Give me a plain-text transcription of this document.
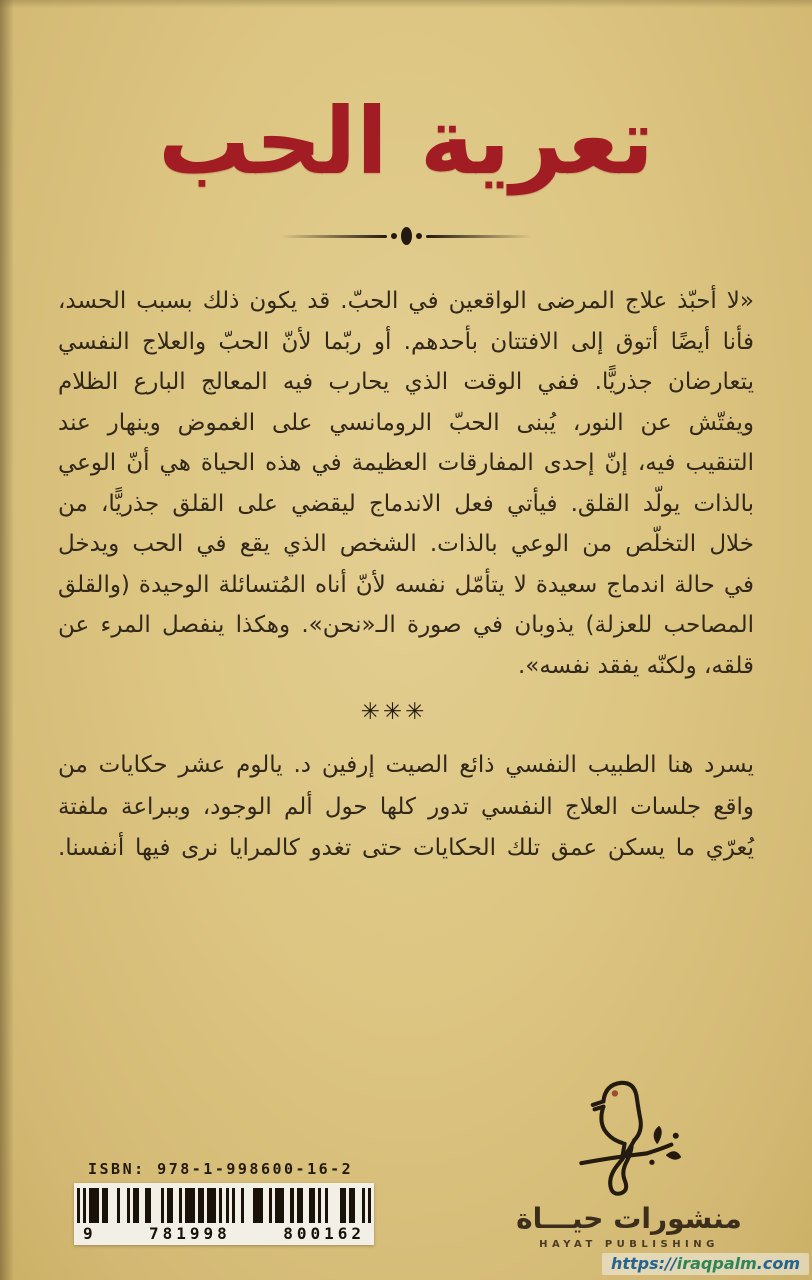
تعرية الحب
«لا أحبّذ علاج المرضى الواقعين في الحبّ. قد يكون ذلك بسبب الحسد،
فأنا أيضًا أتوق إلى الافتتان بأحدهم. أو ربّما لأنّ الحبّ والعلاج النفسي
يتعارضان جذريًّا. ففي الوقت الذي يحارب فيه المعالج البارع الظلام
ويفتّش عن النور، يُبنى الحبّ الرومانسي على الغموض وينهار عند
التنقيب فيه، إنّ إحدى المفارقات العظيمة في هذه الحياة هي أنّ الوعي
بالذات يولّد القلق. فيأتي فعل الاندماج ليقضي على القلق جذريًّا، من
خلال التخلّص من الوعي بالذات. الشخص الذي يقع في الحب ويدخل
في حالة اندماج سعيدة لا يتأمّل نفسه لأنّ أناه المُتسائلة الوحيدة (والقلق
المصاحب للعزلة) يذوبان في صورة الـ«نحن». وهكذا ينفصل المرء عن
قلقه، ولكنّه يفقد نفسه».
✳✳✳
يسرد هنا الطبيب النفسي ذائع الصيت إرفين د. يالوم عشر حكايات من
واقع جلسات العلاج النفسي تدور كلها حول ألم الوجود، وببراعة ملفتة
يُعرّي ما يسكن عمق تلك الحكايات حتى تغدو كالمرايا نرى فيها أنفسنا.
ISBN: 978-1-998600-16-2
9	781998	800162	منشورات حيـــاة
HAYAT PUBLISHING
https://iraqpalm.com
